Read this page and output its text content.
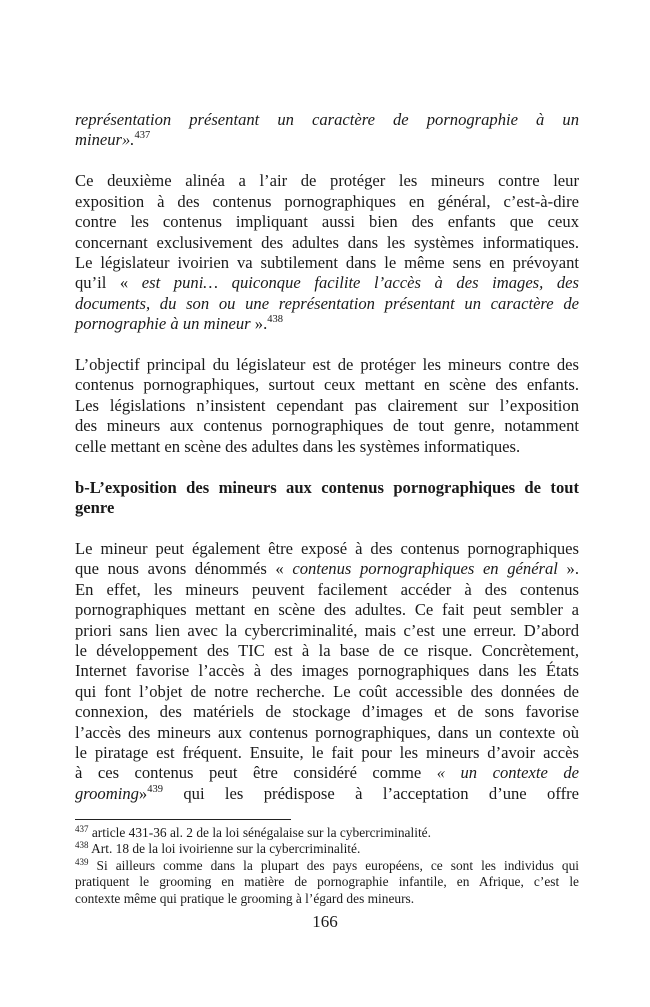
représentation présentant un caractère de pornographie à un
mineur».$^{437}$
Ce deuxième alinéa a l’air de protéger les mineurs contre leur
exposition à des contenus pornographiques en général, c’est-à-dire
contre les contenus impliquant aussi bien des enfants que ceux
concernant exclusivement des adultes dans les systèmes informatiques.
Le législateur ivoirien va subtilement dans le même sens en prévoyant
qu’il « est puni… quiconque facilite l’accès à des images, des
documents, du son ou une représentation présentant un caractère de
pornographie à un mineur ».$^{438}$
L’objectif principal du législateur est de protéger les mineurs contre des
contenus pornographiques, surtout ceux mettant en scène des enfants.
Les législations n’insistent cependant pas clairement sur l’exposition
des mineurs aux contenus pornographiques de tout genre, notamment
celle mettant en scène des adultes dans les systèmes informatiques.
b-L’exposition des mineurs aux contenus pornographiques de tout
genre
Le mineur peut également être exposé à des contenus pornographiques
que nous avons dénommés « contenus pornographiques en général ».
En effet, les mineurs peuvent facilement accéder à des contenus
pornographiques mettant en scène des adultes. Ce fait peut sembler a
priori sans lien avec la cybercriminalité, mais c’est une erreur. D’abord
le développement des TIC est à la base de ce risque. Concrètement,
Internet favorise l’accès à des images pornographiques dans les États
qui font l’objet de notre recherche. Le coût accessible des données de
connexion, des matériels de stockage d’images et de sons favorise
l’accès des mineurs aux contenus pornographiques, dans un contexte où
le piratage est fréquent. Ensuite, le fait pour les mineurs d’avoir accès
à ces contenus peut être considéré comme « un contexte de
grooming»$^{439}$ qui les prédispose à l’acceptation d’une offre
$^{437}$ article 431-36 al. 2 de la loi sénégalaise sur la cybercriminalité.
$^{438}$ Art. 18 de la loi ivoirienne sur la cybercriminalité.
$^{439}$ Si ailleurs comme dans la plupart des pays européens, ce sont les individus qui
pratiquent le grooming en matière de pornographie infantile, en Afrique, c’est le
contexte même qui pratique le grooming à l’égard des mineurs.
166
